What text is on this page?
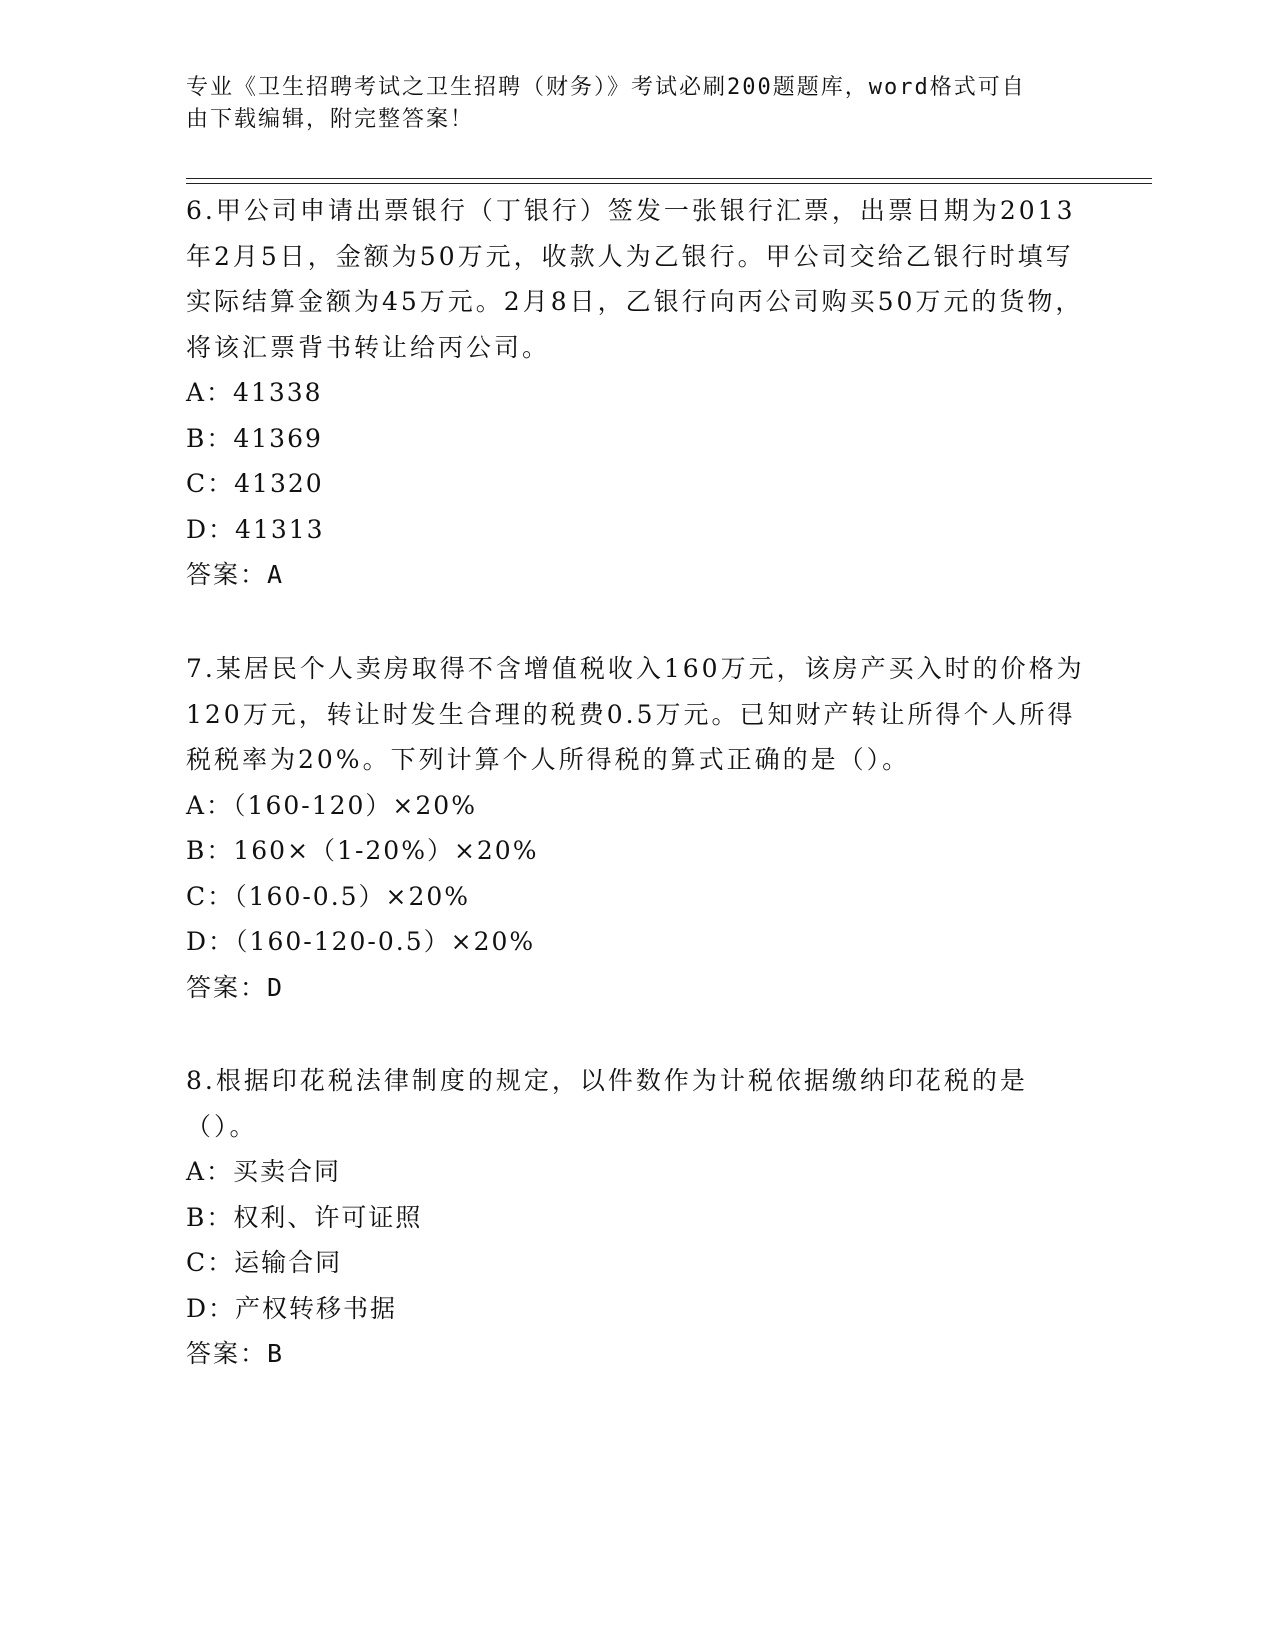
专业《卫生招聘考试之卫生招聘（财务）》考试必刷200题题库，word格式可自
由下载编辑，附完整答案！

6.甲公司申请出票银行（丁银行）签发一张银行汇票，出票日期为2013年2月5日，金额为50万元，收款人为乙银行。甲公司交给乙银行时填写实际结算金额为45万元。2月8日，乙银行向丙公司购买50万元的货物，将该汇票背书转让给丙公司。

A：41338

B：41369

C：41320

D：41313

答案：A

7.某居民个人卖房取得不含增值税收入160万元，该房产买入时的价格为120万元，转让时发生合理的税费0.5万元。已知财产转让所得个人所得税税率为20%。下列计算个人所得税的算式正确的是（）。

A：（160-120）×20%

B：160×（1-20%）×20%

C：（160-0.5）×20%

D：（160-120-0.5）×20%

答案：D

8.根据印花税法律制度的规定，以件数作为计税依据缴纳印花税的是（）。

A：买卖合同

B：权利、许可证照

C：运输合同

D：产权转移书据

答案：B
